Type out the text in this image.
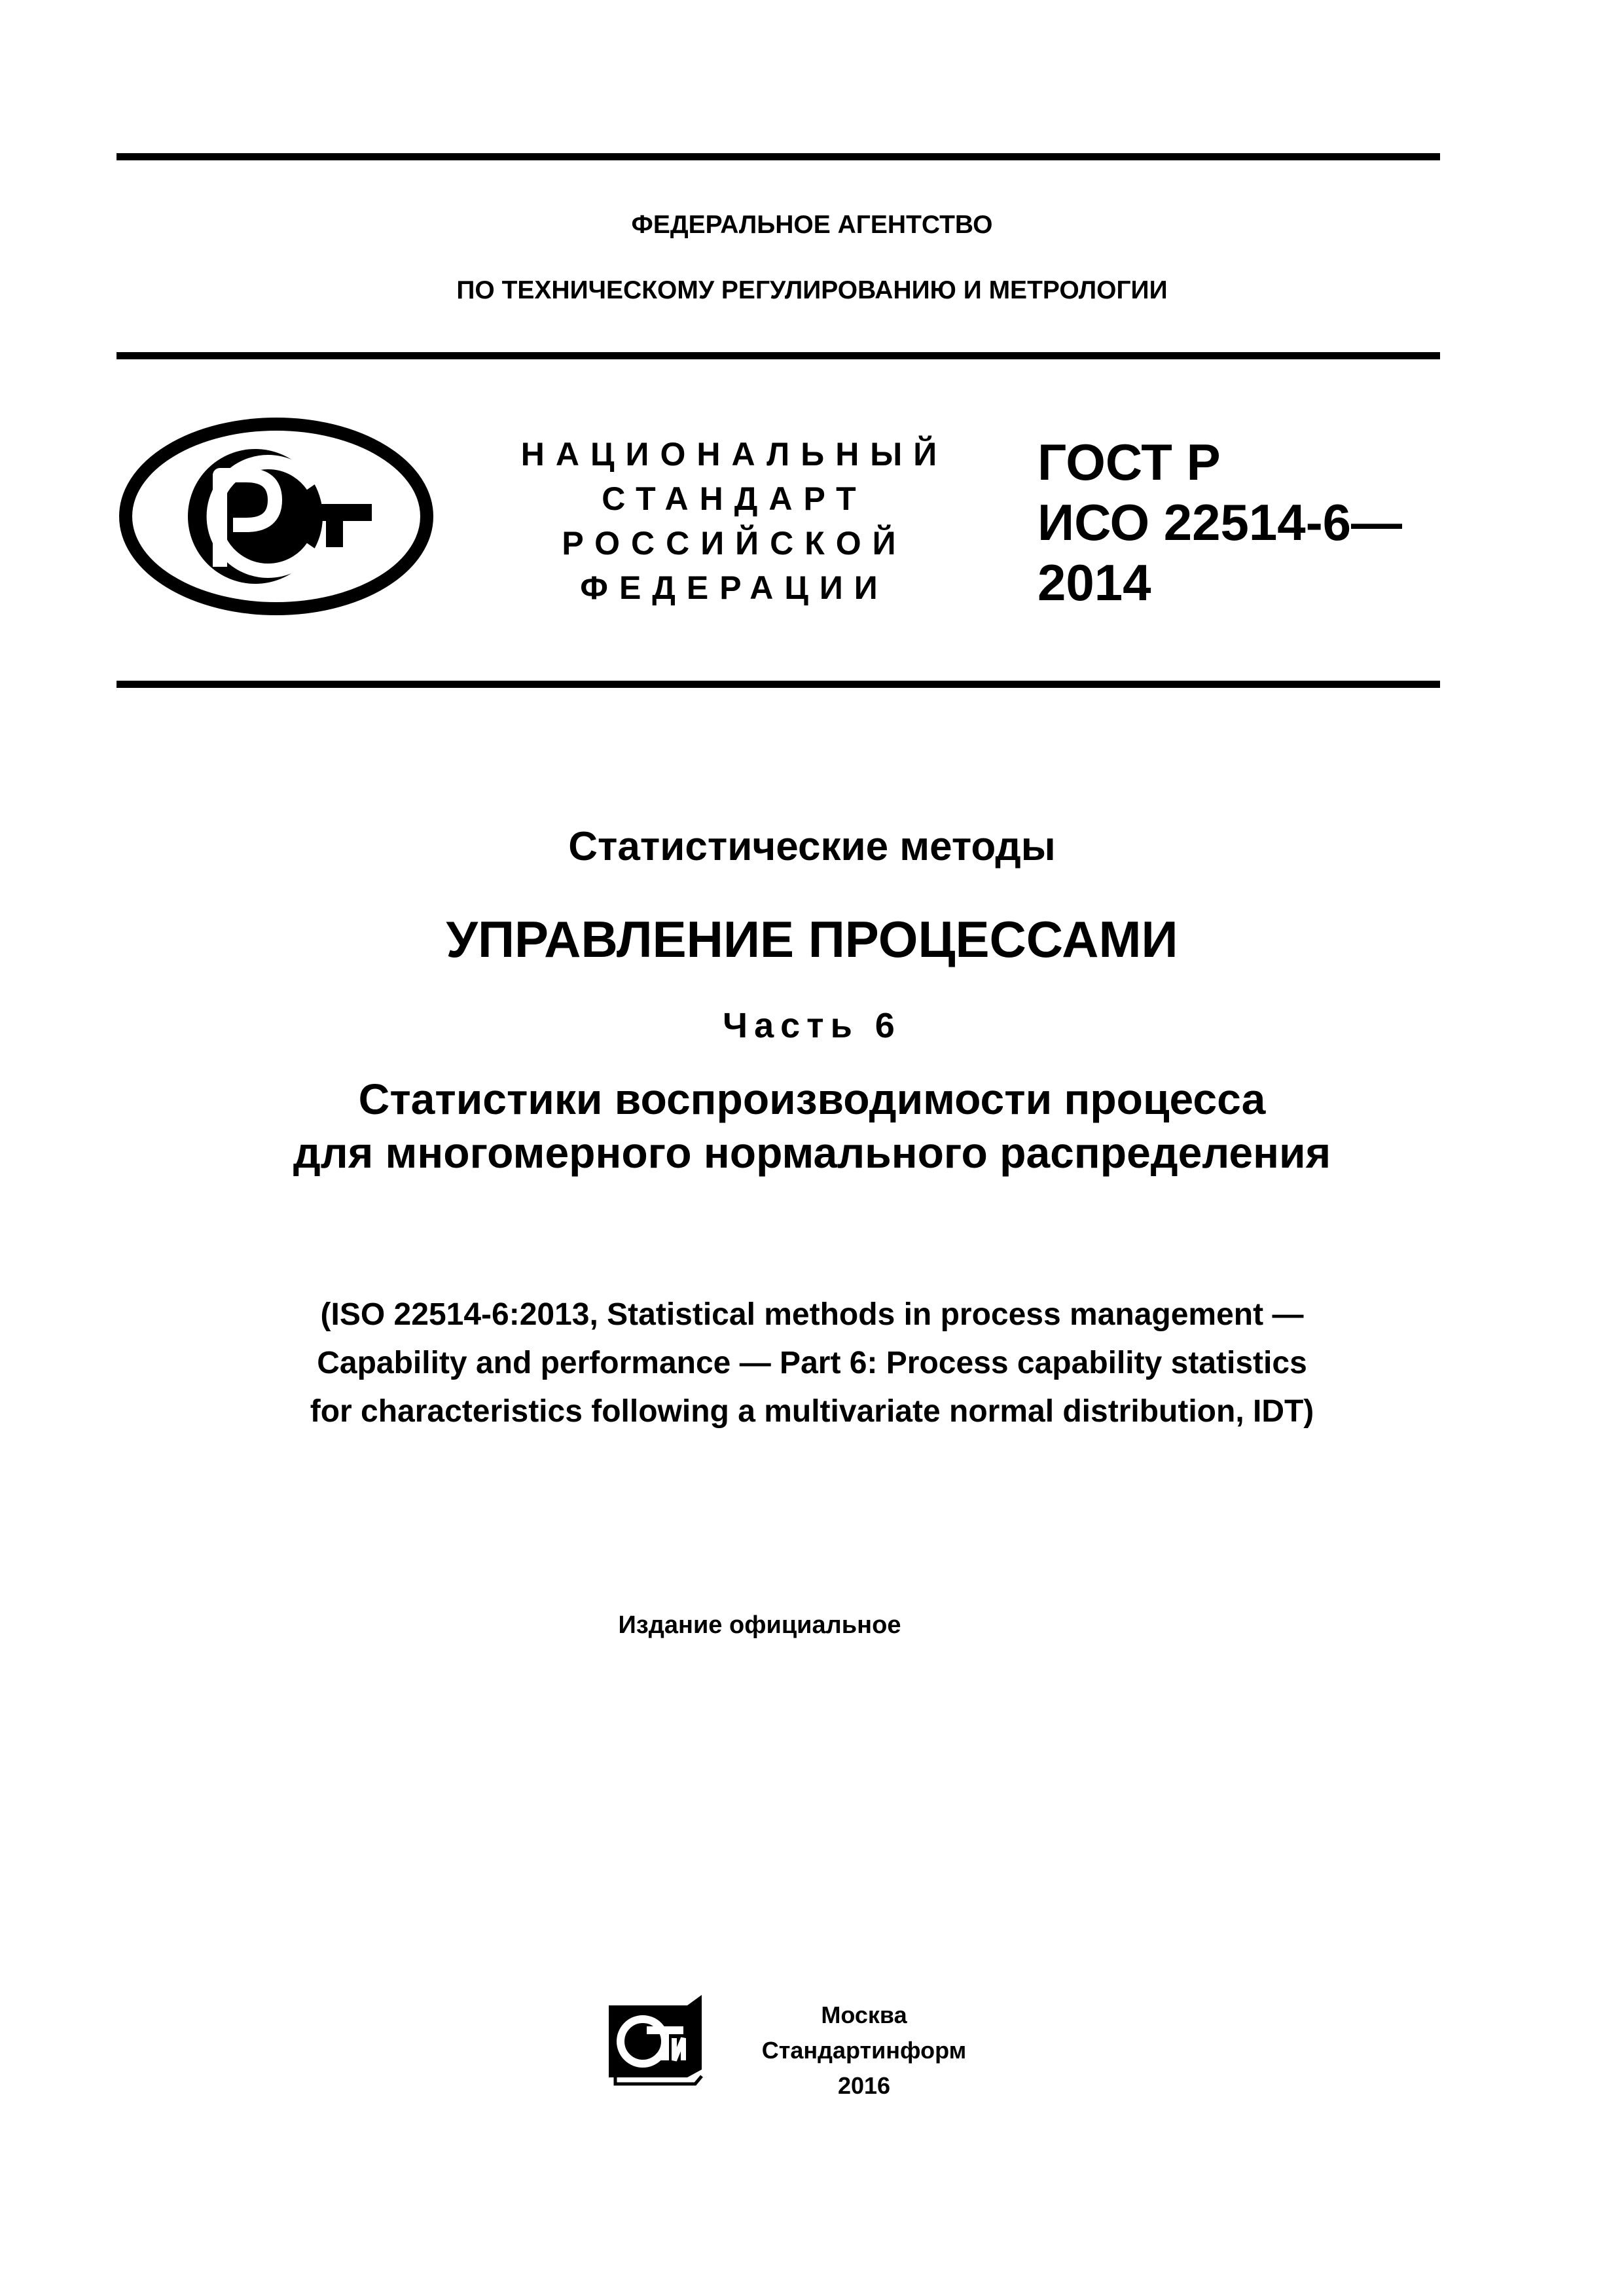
ФЕДЕРАЛЬНОЕ АГЕНТСТВО
ПО ТЕХНИЧЕСКОМУ РЕГУЛИРОВАНИЮ И МЕТРОЛОГИИ
НАЦИОНАЛЬНЫЙ
СТАНДАРТ
РОССИЙСКОЙ
ФЕДЕРАЦИИ
ГОСТ Р
ИСО 22514-6—
2014
Статистические методы
УПРАВЛЕНИЕ ПРОЦЕССАМИ
Часть 6
Статистики воспроизводимости процесса
для многомерного нормального распределения
(ISO 22514-6:2013, Statistical methods in process management —
Capability and performance — Part 6: Process capability statistics
for characteristics following a multivariate normal distribution, IDT)
Издание официальное
Москва
Стандартинформ
2016
